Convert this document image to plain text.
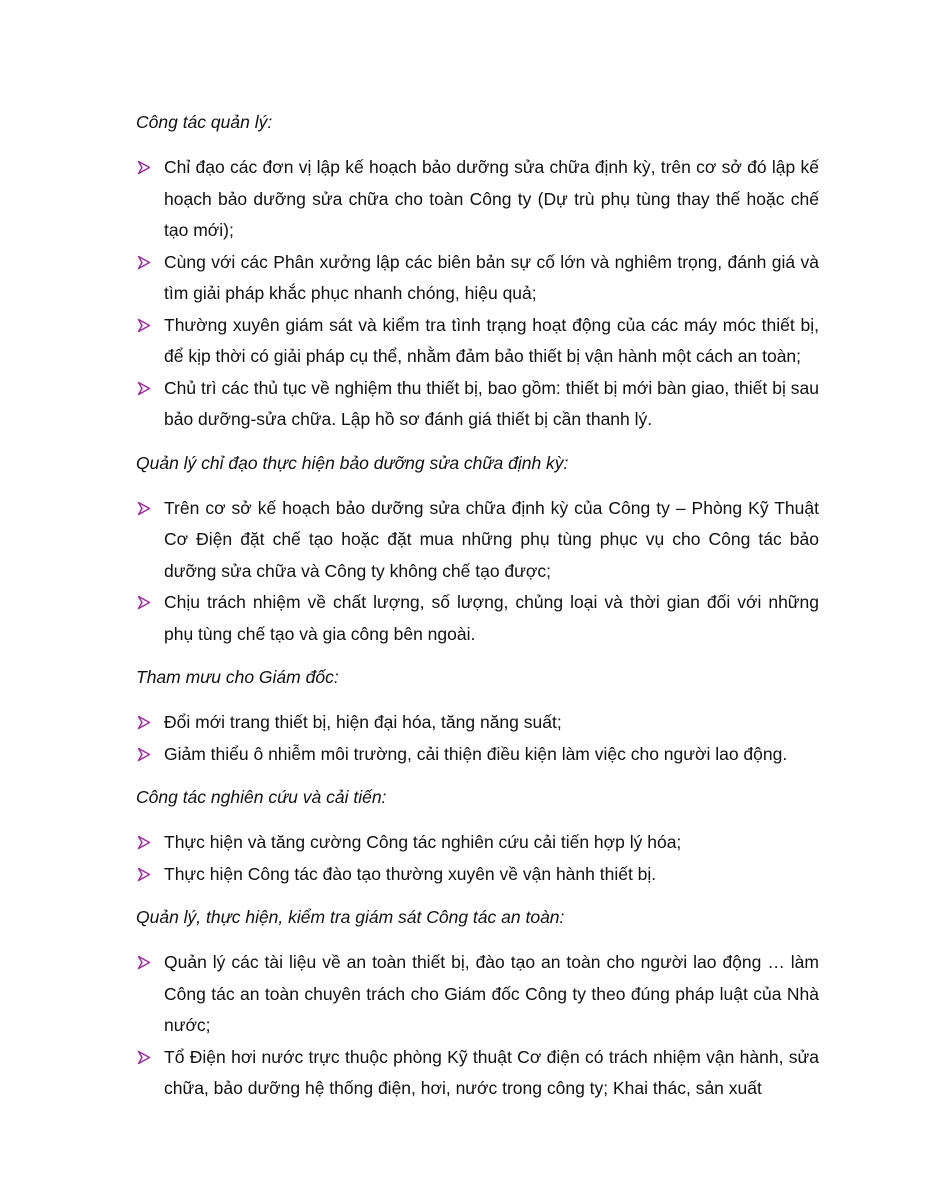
Công tác quản lý:

Chỉ đạo các đơn vị lập kế hoạch bảo dưỡng sửa chữa định kỳ, trên cơ sở đó lập kế hoạch bảo dưỡng sửa chữa cho toàn Công ty (Dự trù phụ tùng thay thế hoặc chế tạo mới);
Cùng với các Phân xưởng lập các biên bản sự cố lớn và nghiêm trọng, đánh giá và tìm giải pháp khắc phục nhanh chóng, hiệu quả;
Thường xuyên giám sát và kiểm tra tình trạng hoạt động của các máy móc thiết bị, để kịp thời có giải pháp cụ thể, nhằm đảm bảo thiết bị vận hành một cách an toàn;
Chủ trì các thủ tục về nghiệm thu thiết bị, bao gồm: thiết bị mới bàn giao, thiết bị sau bảo dưỡng-sửa chữa. Lập hồ sơ đánh giá thiết bị cần thanh lý.

Quản lý chỉ đạo thực hiện bảo dưỡng sửa chữa định kỳ:

Trên cơ sở kế hoạch bảo dưỡng sửa chữa định kỳ của Công ty – Phòng Kỹ Thuật Cơ Điện đặt chế tạo hoặc đặt mua những phụ tùng phục vụ cho Công tác bảo dưỡng sửa chữa và Công ty không chế tạo được;
Chịu trách nhiệm về chất lượng, số lượng, chủng loại và thời gian đối với những phụ tùng chế tạo và gia công bên ngoài.

Tham mưu cho Giám đốc:

Đổi mới trang thiết bị, hiện đại hóa, tăng năng suất;
Giảm thiểu ô nhiễm môi trường, cải thiện điều kiện làm việc cho người lao động.

Công tác nghiên cứu và cải tiến:

Thực hiện và tăng cường Công tác nghiên cứu cải tiến hợp lý hóa;
Thực hiện Công tác đào tạo thường xuyên về vận hành thiết bị.

Quản lý, thực hiện, kiểm tra giám sát Công tác an toàn:

Quản lý các tài liệu về an toàn thiết bị, đào tạo an toàn cho người lao động … làm Công tác an toàn chuyên trách cho Giám đốc Công ty theo đúng pháp luật của Nhà nước;
Tổ Điện hơi nước trực thuộc phòng Kỹ thuật Cơ điện có trách nhiệm vận hành, sửa chữa, bảo dưỡng hệ thống điện, hơi, nước trong công ty; Khai thác, sản xuất
